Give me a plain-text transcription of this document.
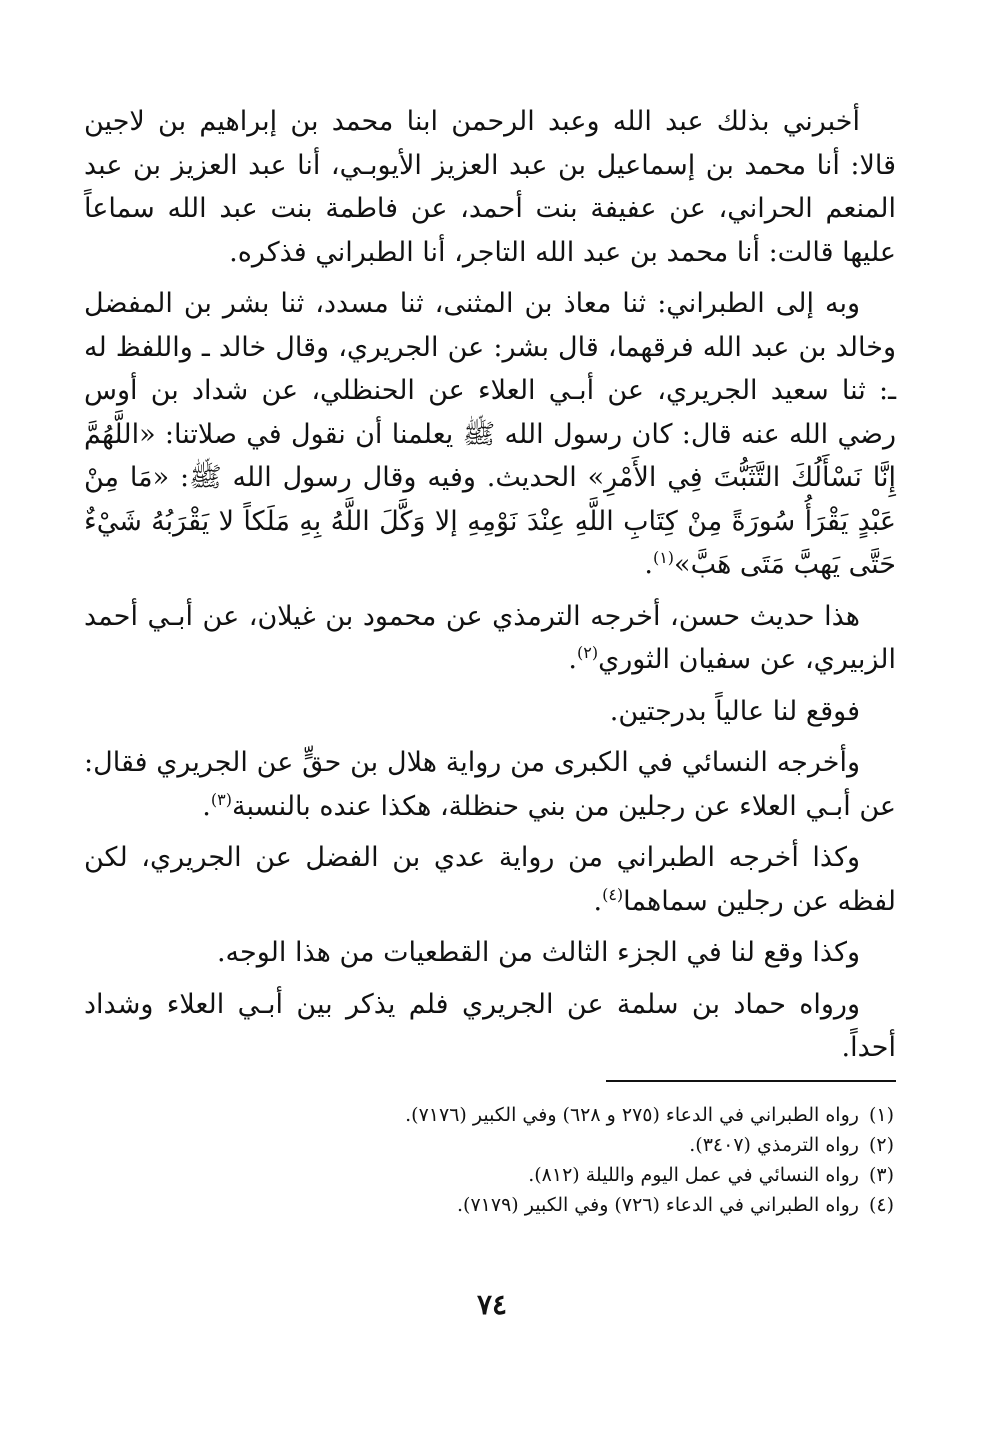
أخبرني بذلك عبد الله وعبد الرحمن ابنا محمد بن إبراهيم بن لاجين قالا: أنا محمد بن إسماعيل بن عبد العزيز الأيوبـي، أنا عبد العزيز بن عبد المنعم الحراني، عن عفيفة بنت أحمد، عن فاطمة بنت عبد الله سماعاً عليها قالت: أنا محمد بن عبد الله التاجر، أنا الطبراني فذكره.

وبه إلى الطبراني: ثنا معاذ بن المثنى، ثنا مسدد، ثنا بشر بن المفضل وخالد بن عبد الله فرقهما، قال بشر: عن الجريري، وقال خالد ـ واللفظ له ـ: ثنا سعيد الجريري، عن أبـي العلاء عن الحنظلي، عن شداد بن أوس رضي الله عنه قال: كان رسول الله ﷺ يعلمنا أن نقول في صلاتنا: «اللَّهُمَّ إِنَّا نَسْأَلُكَ التَّثَبُّتَ فِي الأَمْرِ» الحديث. وفيه وقال رسول الله ﷺ: «مَا مِنْ عَبْدٍ يَقْرَأُ سُورَةً مِنْ كِتَابِ اللَّهِ عِنْدَ نَوْمِهِ إلا وَكَّلَ اللَّهُ بِهِ مَلَكاً لا يَقْرَبُهُ شَيْءٌ حَتَّى يَهبَّ مَتَى هَبَّ»$^{(١)}$.

هذا حديث حسن، أخرجه الترمذي عن محمود بن غيلان، عن أبـي أحمد الزبيري، عن سفيان الثوري$^{(٢)}$.

فوقع لنا عالياً بدرجتين.

وأخرجه النسائي في الكبرى من رواية هلال بن حقٍّ عن الجريري فقال: عن أبـي العلاء عن رجلين من بني حنظلة، هكذا عنده بالنسبة$^{(٣)}$.

وكذا أخرجه الطبراني من رواية عدي بن الفضل عن الجريري، لكن لفظه عن رجلين سماهما$^{(٤)}$.

وكذا وقع لنا في الجزء الثالث من القطعيات من هذا الوجه.

ورواه حماد بن سلمة عن الجريري فلم يذكر بين أبـي العلاء وشداد أحداً.

(١)رواه الطبراني في الدعاء (٢٧٥ و ٦٢٨) وفي الكبير (٧١٧٦).
(٢)رواه الترمذي (٣٤٠٧).
(٣)رواه النسائي في عمل اليوم والليلة (٨١٢).
(٤)رواه الطبراني في الدعاء (٧٢٦) وفي الكبير (٧١٧٩).
٧٤
